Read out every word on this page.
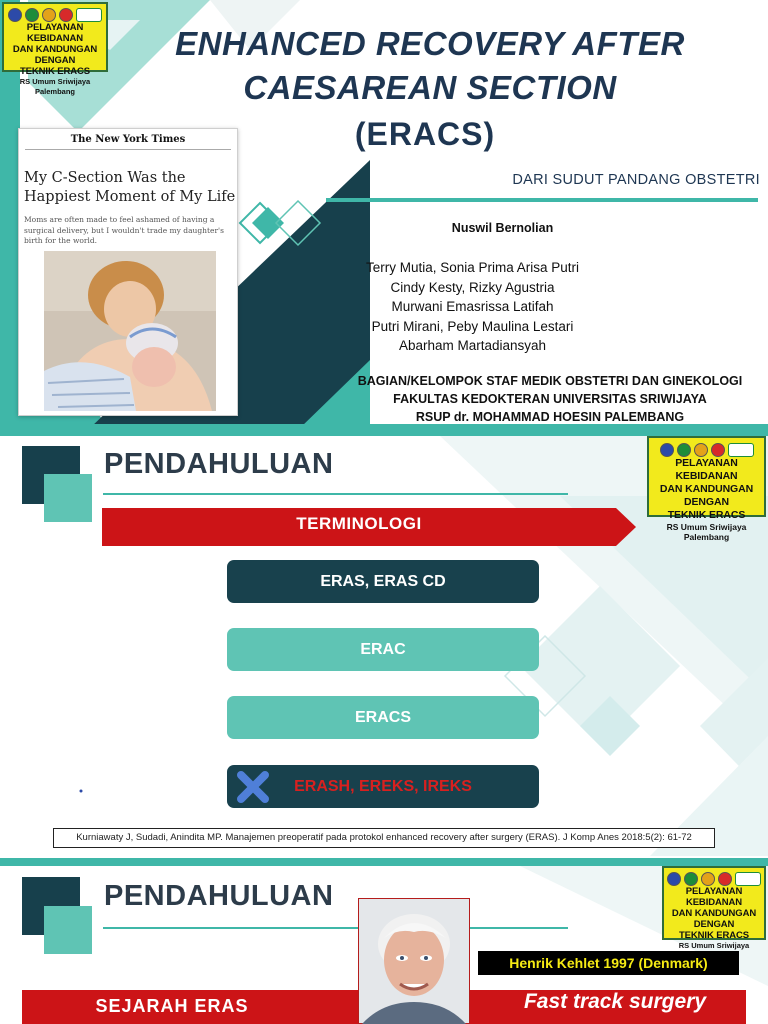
PELAYANAN KEBIDANAN
DAN KANDUNGAN DENGAN
TEKNIK ERACS
RS Umum Sriwijaya Palembang
ENHANCED RECOVERY AFTER
CAESAREAN SECTION
(ERACS)
DARI SUDUT PANDANG OBSTETRI
Nuswil Bernolian
Terry Mutia, Sonia Prima Arisa Putri
Cindy Kesty, Rizky Agustria
Murwani Emasrissa Latifah
Putri Mirani, Peby Maulina Lestari
Abarham Martadiansyah
BAGIAN/KELOMPOK STAF MEDIK OBSTETRI DAN GINEKOLOGI
FAKULTAS KEDOKTERAN UNIVERSITAS SRIWIJAYA
RSUP dr. MOHAMMAD HOESIN PALEMBANG
The New York Times
My C-Section Was the Happiest Moment of My Life
Moms are often made to feel ashamed of having a surgical delivery, but I wouldn't trade my daughter's birth for the world.
PENDAHULUAN	PELAYANAN KEBIDANAN
DAN KANDUNGAN DENGAN
TEKNIK ERACS
RS Umum Sriwijaya Palembang
TERMINOLOGI
ERAS, ERAS CD
ERAC
ERACS
ERASH, EREKS, IREKS
Kurniawaty J, Sudadi, Anindita MP. Manajemen preoperatif pada protokol enhanced recovery after surgery (ERAS). J Komp Anes 2018:5(2): 61-72
PENDAHULUAN	PELAYANAN KEBIDANAN
DAN KANDUNGAN DENGAN
TEKNIK ERACS
RS Umum Sriwijaya
SEJARAH ERAS	Fast track surgery
Henrik Kehlet 1997 (Denmark)
